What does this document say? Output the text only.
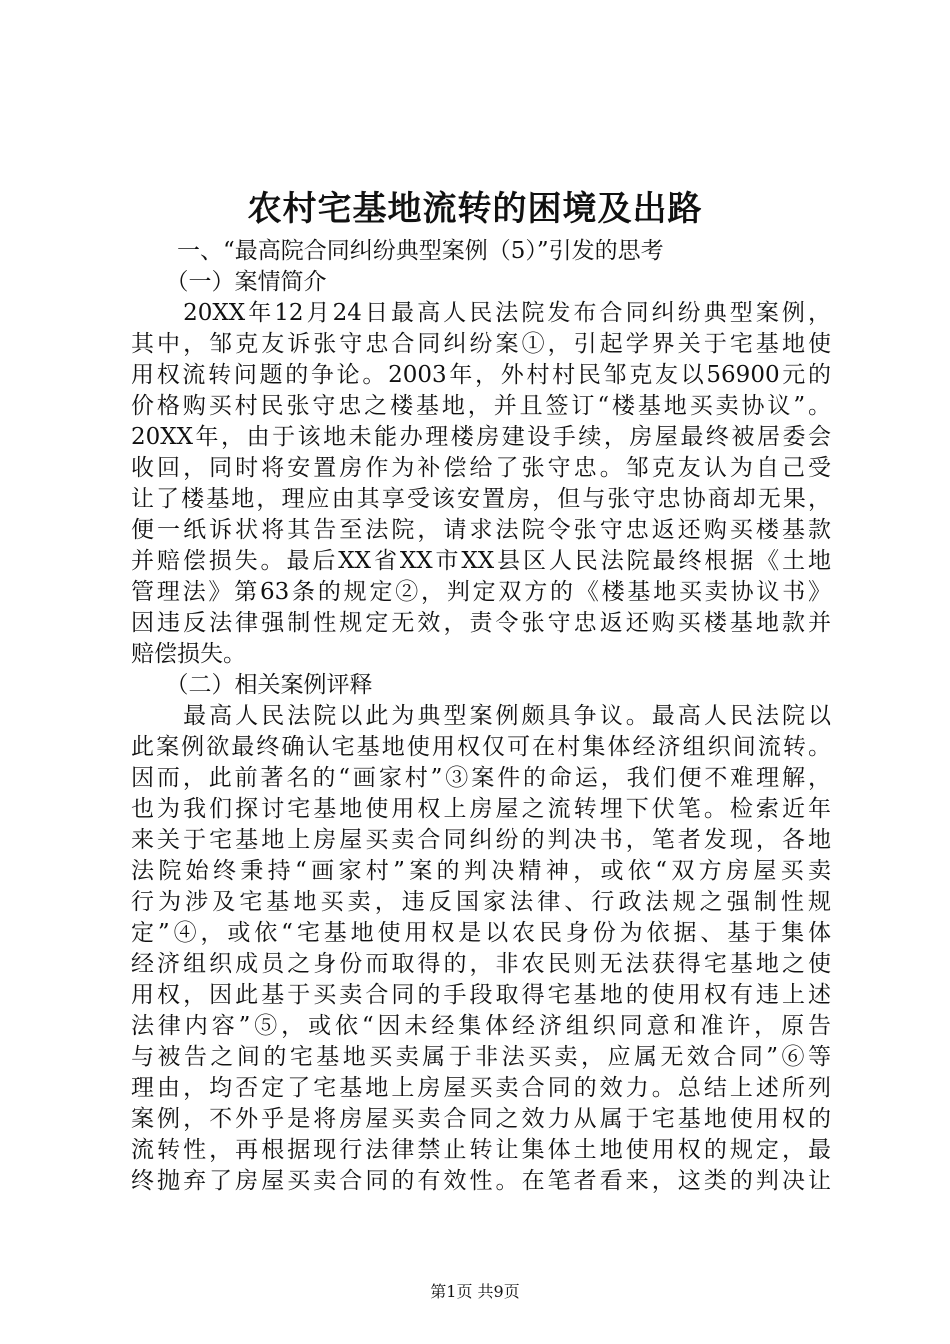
农村宅基地流转的困境及出路
　　一、“最高院合同纠纷典型案例（5）”引发的思考
　　（一）案情简介
　　20XX年12月24日最高人民法院发布合同纠纷典型案例，
其中，邹克友诉张守忠合同纠纷案①，引起学界关于宅基地使
用权流转问题的争论。2003年，外村村民邹克友以56900元的
价格购买村民张守忠之楼基地，并且签订“楼基地买卖协议”。
20XX年，由于该地未能办理楼房建设手续，房屋最终被居委会
收回，同时将安置房作为补偿给了张守忠。邹克友认为自己受
让了楼基地，理应由其享受该安置房，但与张守忠协商却无果，
便一纸诉状将其告至法院，请求法院令张守忠返还购买楼基款
并赔偿损失。最后XX省XX市XX县区人民法院最终根据《土地
管理法》第63条的规定②，判定双方的《楼基地买卖协议书》
因违反法律强制性规定无效，责令张守忠返还购买楼基地款并
赔偿损失。
　　（二）相关案例评释
　　最高人民法院以此为典型案例颇具争议。最高人民法院以
此案例欲最终确认宅基地使用权仅可在村集体经济组织间流转。
因而，此前著名的“画家村”③案件的命运，我们便不难理解，
也为我们探讨宅基地使用权上房屋之流转埋下伏笔。检索近年
来关于宅基地上房屋买卖合同纠纷的判决书，笔者发现，各地
法院始终秉持“画家村”案的判决精神，或依“双方房屋买卖
行为涉及宅基地买卖，违反国家法律、行政法规之强制性规
定”④，或依“宅基地使用权是以农民身份为依据、基于集体
经济组织成员之身份而取得的，非农民则无法获得宅基地之使
用权，因此基于买卖合同的手段取得宅基地的使用权有违上述
法律内容”⑤，或依“因未经集体经济组织同意和准许，原告
与被告之间的宅基地买卖属于非法买卖，应属无效合同”⑥等
理由，均否定了宅基地上房屋买卖合同的效力。总结上述所列
案例，不外乎是将房屋买卖合同之效力从属于宅基地使用权的
流转性，再根据现行法律禁止转让集体土地使用权的规定，最
终抛弃了房屋买卖合同的有效性。在笔者看来，这类的判决让
第1页 共9页
